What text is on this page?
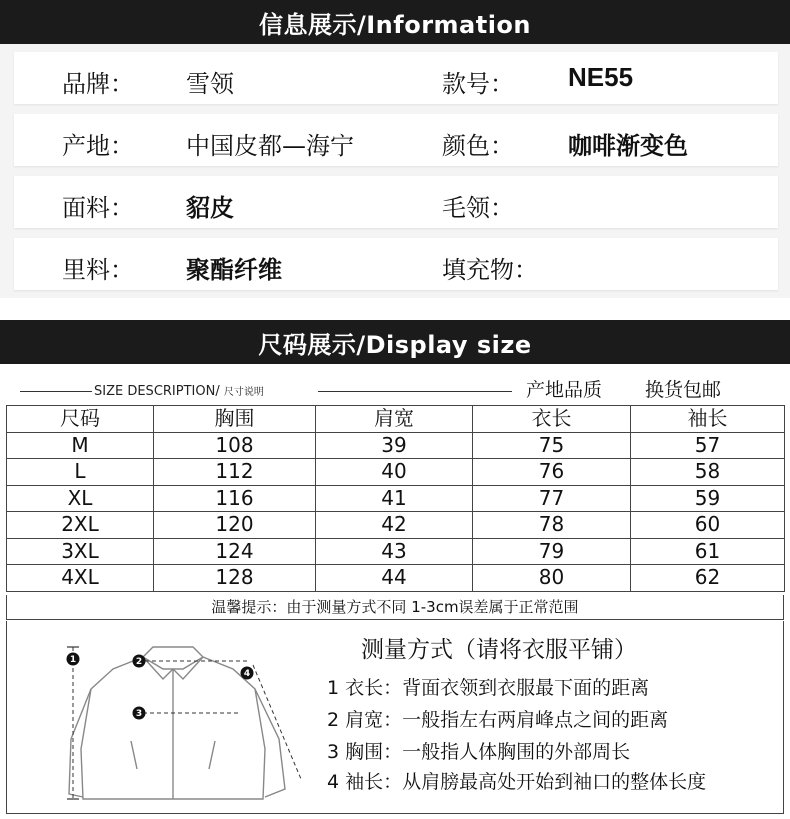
信息展示/Information
品牌： 雪领	款号： NE55
产地： 中国皮都—海宁	颜色： 咖啡渐变色
面料： 貂皮	毛领：
里料： 聚酯纤维	填充物：
尺码展示/Display size
SIZE DESCRIPTION/ 尺寸说明	产地品质 换货包邮
尺码	胸围	肩宽	衣长	袖长
M	108	39	75	57
L	112	40	76	58
XL	116	41	77	59
2XL	120	42	78	60
3XL	124	43	79	61
4XL	128	44	80	62
温馨提示：由于测量方式不同 1-3cm误差属于正常范围
1	2
3
4
测量方式（请将衣服平铺）
1 衣长：背面衣领到衣服最下面的距离
2 肩宽：一般指左右两肩峰点之间的距离
3 胸围：一般指人体胸围的外部周长
4 袖长：从肩膀最高处开始到袖口的整体长度
